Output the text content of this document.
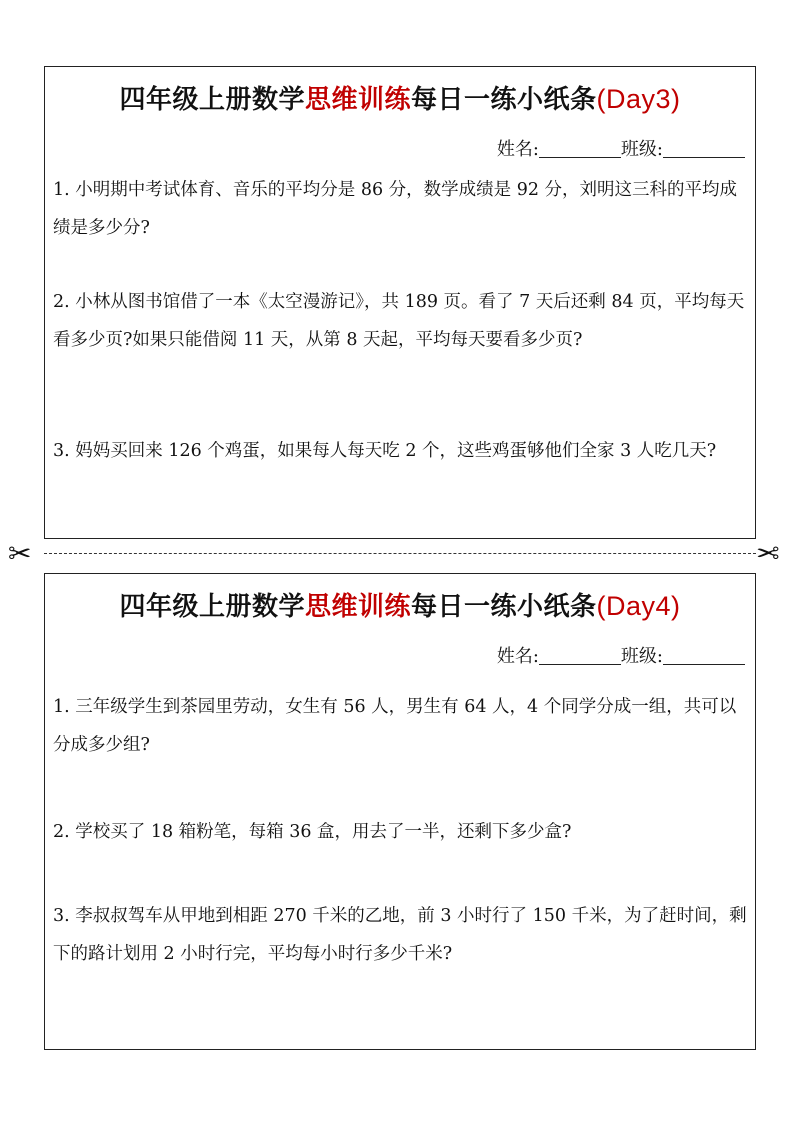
四年级上册数学思维训练每日一练小纸条(Day3)
姓名:	班级:
1. 小明期中考试体育、音乐的平均分是 86 分，数学成绩是 92 分，刘明这三科的平均成绩是多少分?
2. 小林从图书馆借了一本《太空漫游记》，共 189 页。看了 7 天后还剩 84 页，平均每天看多少页?如果只能借阅 11 天，从第 8 天起，平均每天要看多少页?
3. 妈妈买回来 126 个鸡蛋，如果每人每天吃 2 个，这些鸡蛋够他们全家 3 人吃几天?
✂	✂
四年级上册数学思维训练每日一练小纸条(Day4)
姓名:	班级:
1. 三年级学生到茶园里劳动，女生有 56 人，男生有 64 人，4 个同学分成一组，共可以分成多少组?
2. 学校买了 18 箱粉笔，每箱 36 盒，用去了一半，还剩下多少盒?
3. 李叔叔驾车从甲地到相距 270 千米的乙地，前 3 小时行了 150 千米，为了赶时间，剩下的路计划用 2 小时行完，平均每小时行多少千米?
